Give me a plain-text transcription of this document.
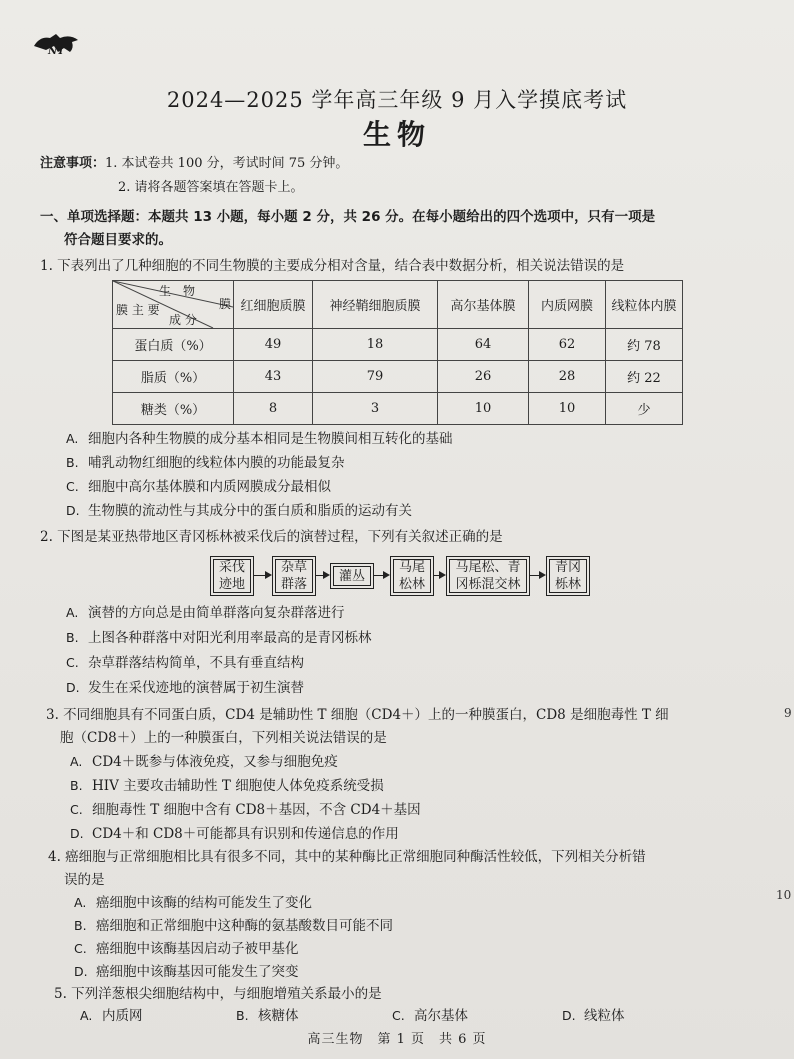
NT
2024—2025 学年高三年级 9 月入学摸底考试
生物
注意事项：1. 本试卷共 100 分，考试时间 75 分钟。
2. 请将各题答案填在答题卡上。
一、单项选择题：本题共 13 小题，每小题 2 分，共 26 分。在每小题给出的四个选项中，只有一项是
符合题目要求的。
1. 下表列出了几种细胞的不同生物膜的主要成分相对含量，结合表中数据分析，相关说法错误的是
生　物
膜
膜 主 要
成 分	红细胞质膜	神经鞘细胞质膜	高尔基体膜	内质网膜	线粒体内膜
蛋白质（%）	49	18	64	62	约 78
脂质（%）	43	79	26	28	约 22
糖类（%）	8	3	10	10	少
A. 细胞内各种生物膜的成分基本相同是生物膜间相互转化的基础
B. 哺乳动物红细胞的线粒体内膜的功能最复杂
C. 细胞中高尔基体膜和内质网膜成分最相似
D. 生物膜的流动性与其成分中的蛋白质和脂质的运动有关
2. 下图是某亚热带地区青冈栎林被采伐后的演替过程，下列有关叙述正确的是
采伐
迹地
杂草
群落
灌丛
马尾
松林
马尾松、青
冈栎混交林
青冈
栎林
A. 演替的方向总是由简单群落向复杂群落进行
B. 上图各种群落中对阳光利用率最高的是青冈栎林
C. 杂草群落结构简单，不具有垂直结构
D. 发生在采伐迹地的演替属于初生演替
3. 不同细胞具有不同蛋白质，CD4 是辅助性 T 细胞（CD4＋）上的一种膜蛋白，CD8 是细胞毒性 T 细
胞（CD8＋）上的一种膜蛋白，下列相关说法错误的是
A. CD4＋既参与体液免疫，又参与细胞免疫
B. HIV 主要攻击辅助性 T 细胞使人体免疫系统受损
C. 细胞毒性 T 细胞中含有 CD8＋基因，不含 CD4＋基因
D. CD4＋和 CD8＋可能都具有识别和传递信息的作用
4. 癌细胞与正常细胞相比具有很多不同，其中的某种酶比正常细胞同种酶活性较低，下列相关分析错
误的是
A. 癌细胞中该酶的结构可能发生了变化
B. 癌细胞和正常细胞中这种酶的氨基酸数目可能不同
C. 癌细胞中该酶基因启动子被甲基化
D. 癌细胞中该酶基因可能发生了突变
5. 下列洋葱根尖细胞结构中，与细胞增殖关系最小的是
A. 内质网	B. 核糖体	C. 高尔基体	D. 线粒体
高三生物　第 1 页　共 6 页
9
10
